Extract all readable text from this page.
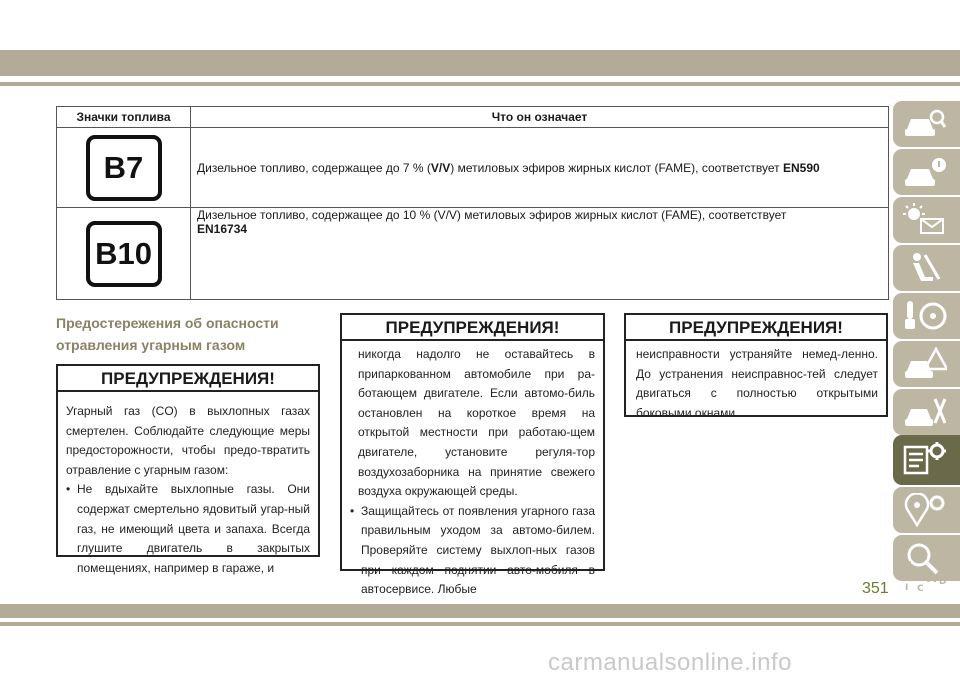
Значки топлива	Что он означает
B7	Дизельное топливо, содержащее до 7 % (V/V) метиловых эфиров жирных кислот (FAME), соответствует EN590
B10	Дизельное топливо, содержащее до 10 % (V/V) метиловых эфиров жирных кислот (FAME), соответствует
EN16734
Предостережения об опасности
отравления угарным газом
ПРЕДУПРЕЖДЕНИЯ!

Угарный газ (CO) в выхлопных газах смертелен. Соблюдайте следующие меры предосторожности, чтобы предо-твратить отравление с угарным газом:

• Не вдыхайте выхлопные газы. Они содержат смертельно ядовитый угар-ный газ, не имеющий цвета и запаха. Всегда глушите двигатель в закрытых помещениях, например в гараже, и

ПРЕДУПРЕЖДЕНИЯ!

никогда надолго не оставайтесь в припаркованном автомобиле при ра-ботающем двигателе. Если автомо-биль остановлен на короткое время на открытой местности при работаю-щем двигателе, установите регуля-тор воздухозаборника на принятие свежего воздуха окружающей среды.

• Защищайтесь от появления угарного газа правильным уходом за автомо-билем. Проверяйте систему выхлоп-ных газов при каждом поднятии авто-мобиля в автосервисе. Любые

ПРЕДУПРЕЖДЕНИЯ!

неисправности устраняйте немед-ленно. До устранения неисправнос-тей следует двигаться с полностью открытыми боковыми окнами.

Z E
B A
I C
D
351
carmanualsonline.info
